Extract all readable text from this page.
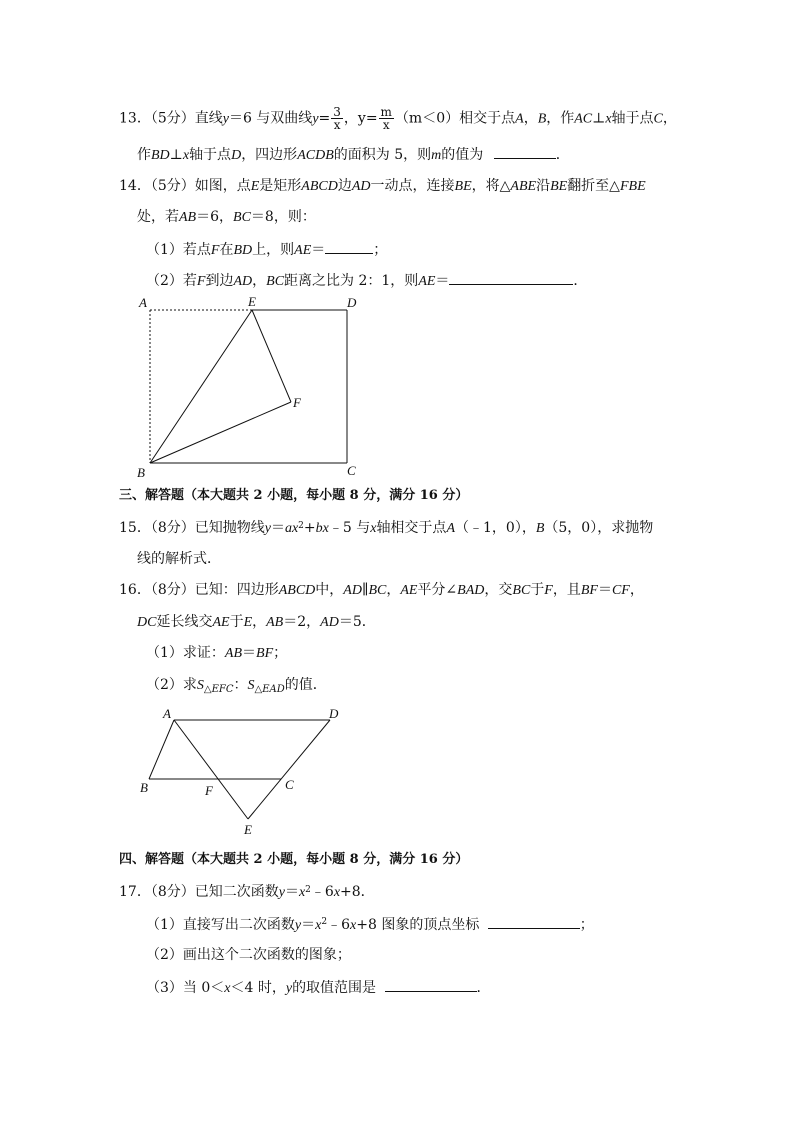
13．（5分）直线y＝6 与双曲线$y= \frac{3}{x}$ ，$y= \frac{m}{x} (m<0)$相交于点A，B，作AC⊥x轴于点C，
作BD⊥x轴于点D，四边形ACDB的面积为 5，则m的值为	．
14．（5分）如图，点E是矩形ABCD边AD一动点，连接BE，将△ABE沿BE翻折至△FBE
处，若AB＝6，BC＝8，则：
（1）若点F在BD上，则AE＝	；
（2）若F到边AD，BC距离之比为 2：1，则AE＝	．
A	E	D
F
B	C
三、解答题（本大题共 2 小题，每小题 8 分，满分 16 分）
15．（8分）已知抛物线$y=ax^2+bx﹣5$ 与x轴相交于点A（﹣1，0），B（5，0），求抛物
线的解析式．
16．（8分）已知：四边形ABCD中，AD∥BC，AE平分∠BAD，交BC于F，且BF＝CF，
DC延长线交AE于E，AB＝2，AD＝5．
（1）求证：AB＝BF；
（2）求$S_{\triangle EFC}$：$S_{\triangle EAD}$的值．
A	D
B	F	C
E
四、解答题（本大题共 2 小题，每小题 8 分，满分 16 分）
17．（8分）已知二次函数$y=x^2﹣6x+8$．
（1）直接写出二次函数$y=x^2﹣6x+8$ 图象的顶点坐标	；
（2）画出这个二次函数的图象；
（3）当 0＜x＜4 时，y的取值范围是	．
